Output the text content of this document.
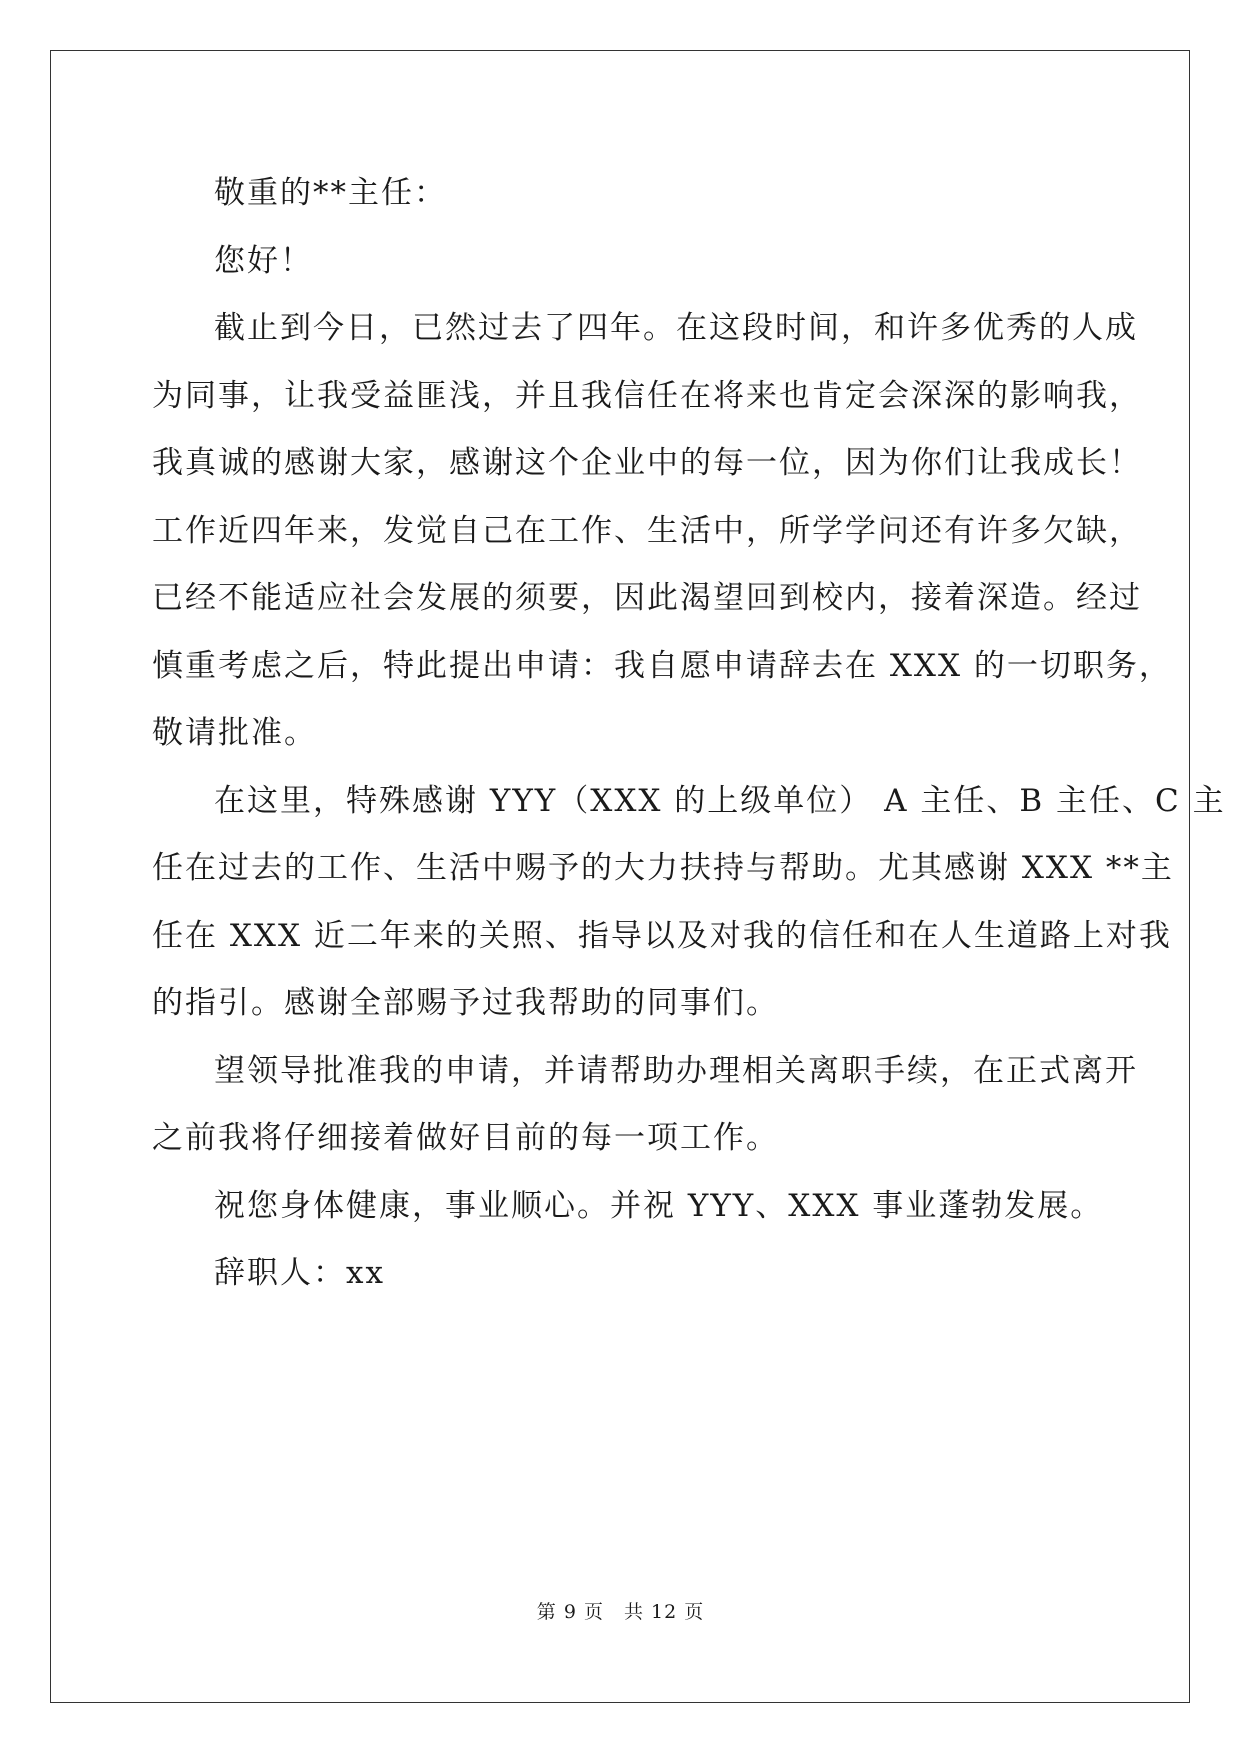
敬重的**主任：
您好！
截止到今日，已然过去了四年。在这段时间，和许多优秀的人成
为同事，让我受益匪浅，并且我信任在将来也肯定会深深的影响我，
我真诚的感谢大家，感谢这个企业中的每一位，因为你们让我成长！
工作近四年来，发觉自己在工作、生活中，所学学问还有许多欠缺，
已经不能适应社会发展的须要，因此渴望回到校内，接着深造。经过
慎重考虑之后，特此提出申请：我自愿申请辞去在 XXX 的一切职务，
敬请批准。
在这里，特殊感谢 YYY（XXX 的上级单位） A 主任、B 主任、C 主
任在过去的工作、生活中赐予的大力扶持与帮助。尤其感谢 XXX **主
任在 XXX 近二年来的关照、指导以及对我的信任和在人生道路上对我
的指引。感谢全部赐予过我帮助的同事们。
望领导批准我的申请，并请帮助办理相关离职手续，在正式离开
之前我将仔细接着做好目前的每一项工作。
祝您身体健康，事业顺心。并祝 YYY、XXX 事业蓬勃发展。
辞职人：xx
第 9 页 共 12 页
